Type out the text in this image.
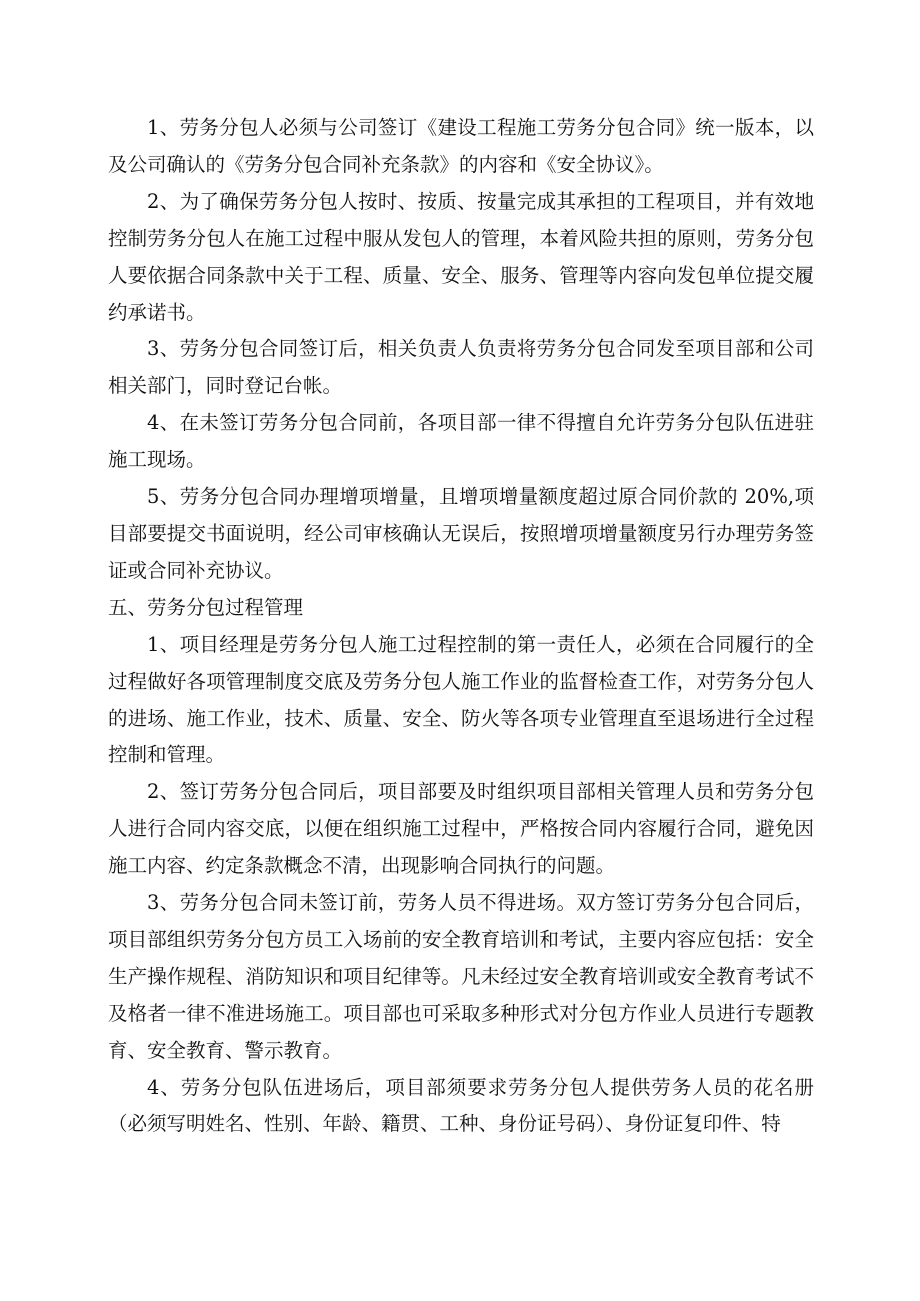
1、劳务分包人必须与公司签订《建设工程施工劳务分包合同》统一版本，以及公司确认的《劳务分包合同补充条款》的内容和《安全协议》。

2、为了确保劳务分包人按时、按质、按量完成其承担的工程项目，并有效地控制劳务分包人在施工过程中服从发包人的管理，本着风险共担的原则，劳务分包人要依据合同条款中关于工程、质量、安全、服务、管理等内容向发包单位提交履约承诺书。

3、劳务分包合同签订后，相关负责人负责将劳务分包合同发至项目部和公司相关部门，同时登记台帐。

4、在未签订劳务分包合同前，各项目部一律不得擅自允许劳务分包队伍进驻施工现场。

5、劳务分包合同办理增项增量，且增项增量额度超过原合同价款的 20%,项目部要提交书面说明，经公司审核确认无误后，按照增项增量额度另行办理劳务签证或合同补充协议。

五、劳务分包过程管理

1、项目经理是劳务分包人施工过程控制的第一责任人，必须在合同履行的全过程做好各项管理制度交底及劳务分包人施工作业的监督检查工作，对劳务分包人的进场、施工作业，技术、质量、安全、防火等各项专业管理直至退场进行全过程控制和管理。

2、签订劳务分包合同后，项目部要及时组织项目部相关管理人员和劳务分包人进行合同内容交底，以便在组织施工过程中，严格按合同内容履行合同，避免因施工内容、约定条款概念不清，出现影响合同执行的问题。

3、劳务分包合同未签订前，劳务人员不得进场。双方签订劳务分包合同后，项目部组织劳务分包方员工入场前的安全教育培训和考试，主要内容应包括：安全生产操作规程、消防知识和项目纪律等。凡未经过安全教育培训或安全教育考试不及格者一律不准进场施工。项目部也可采取多种形式对分包方作业人员进行专题教育、安全教育、警示教育。

4、劳务分包队伍进场后，项目部须要求劳务分包人提供劳务人员的花名册（必须写明姓名、性别、年龄、籍贯、工种、身份证号码）、身份证复印件、特
